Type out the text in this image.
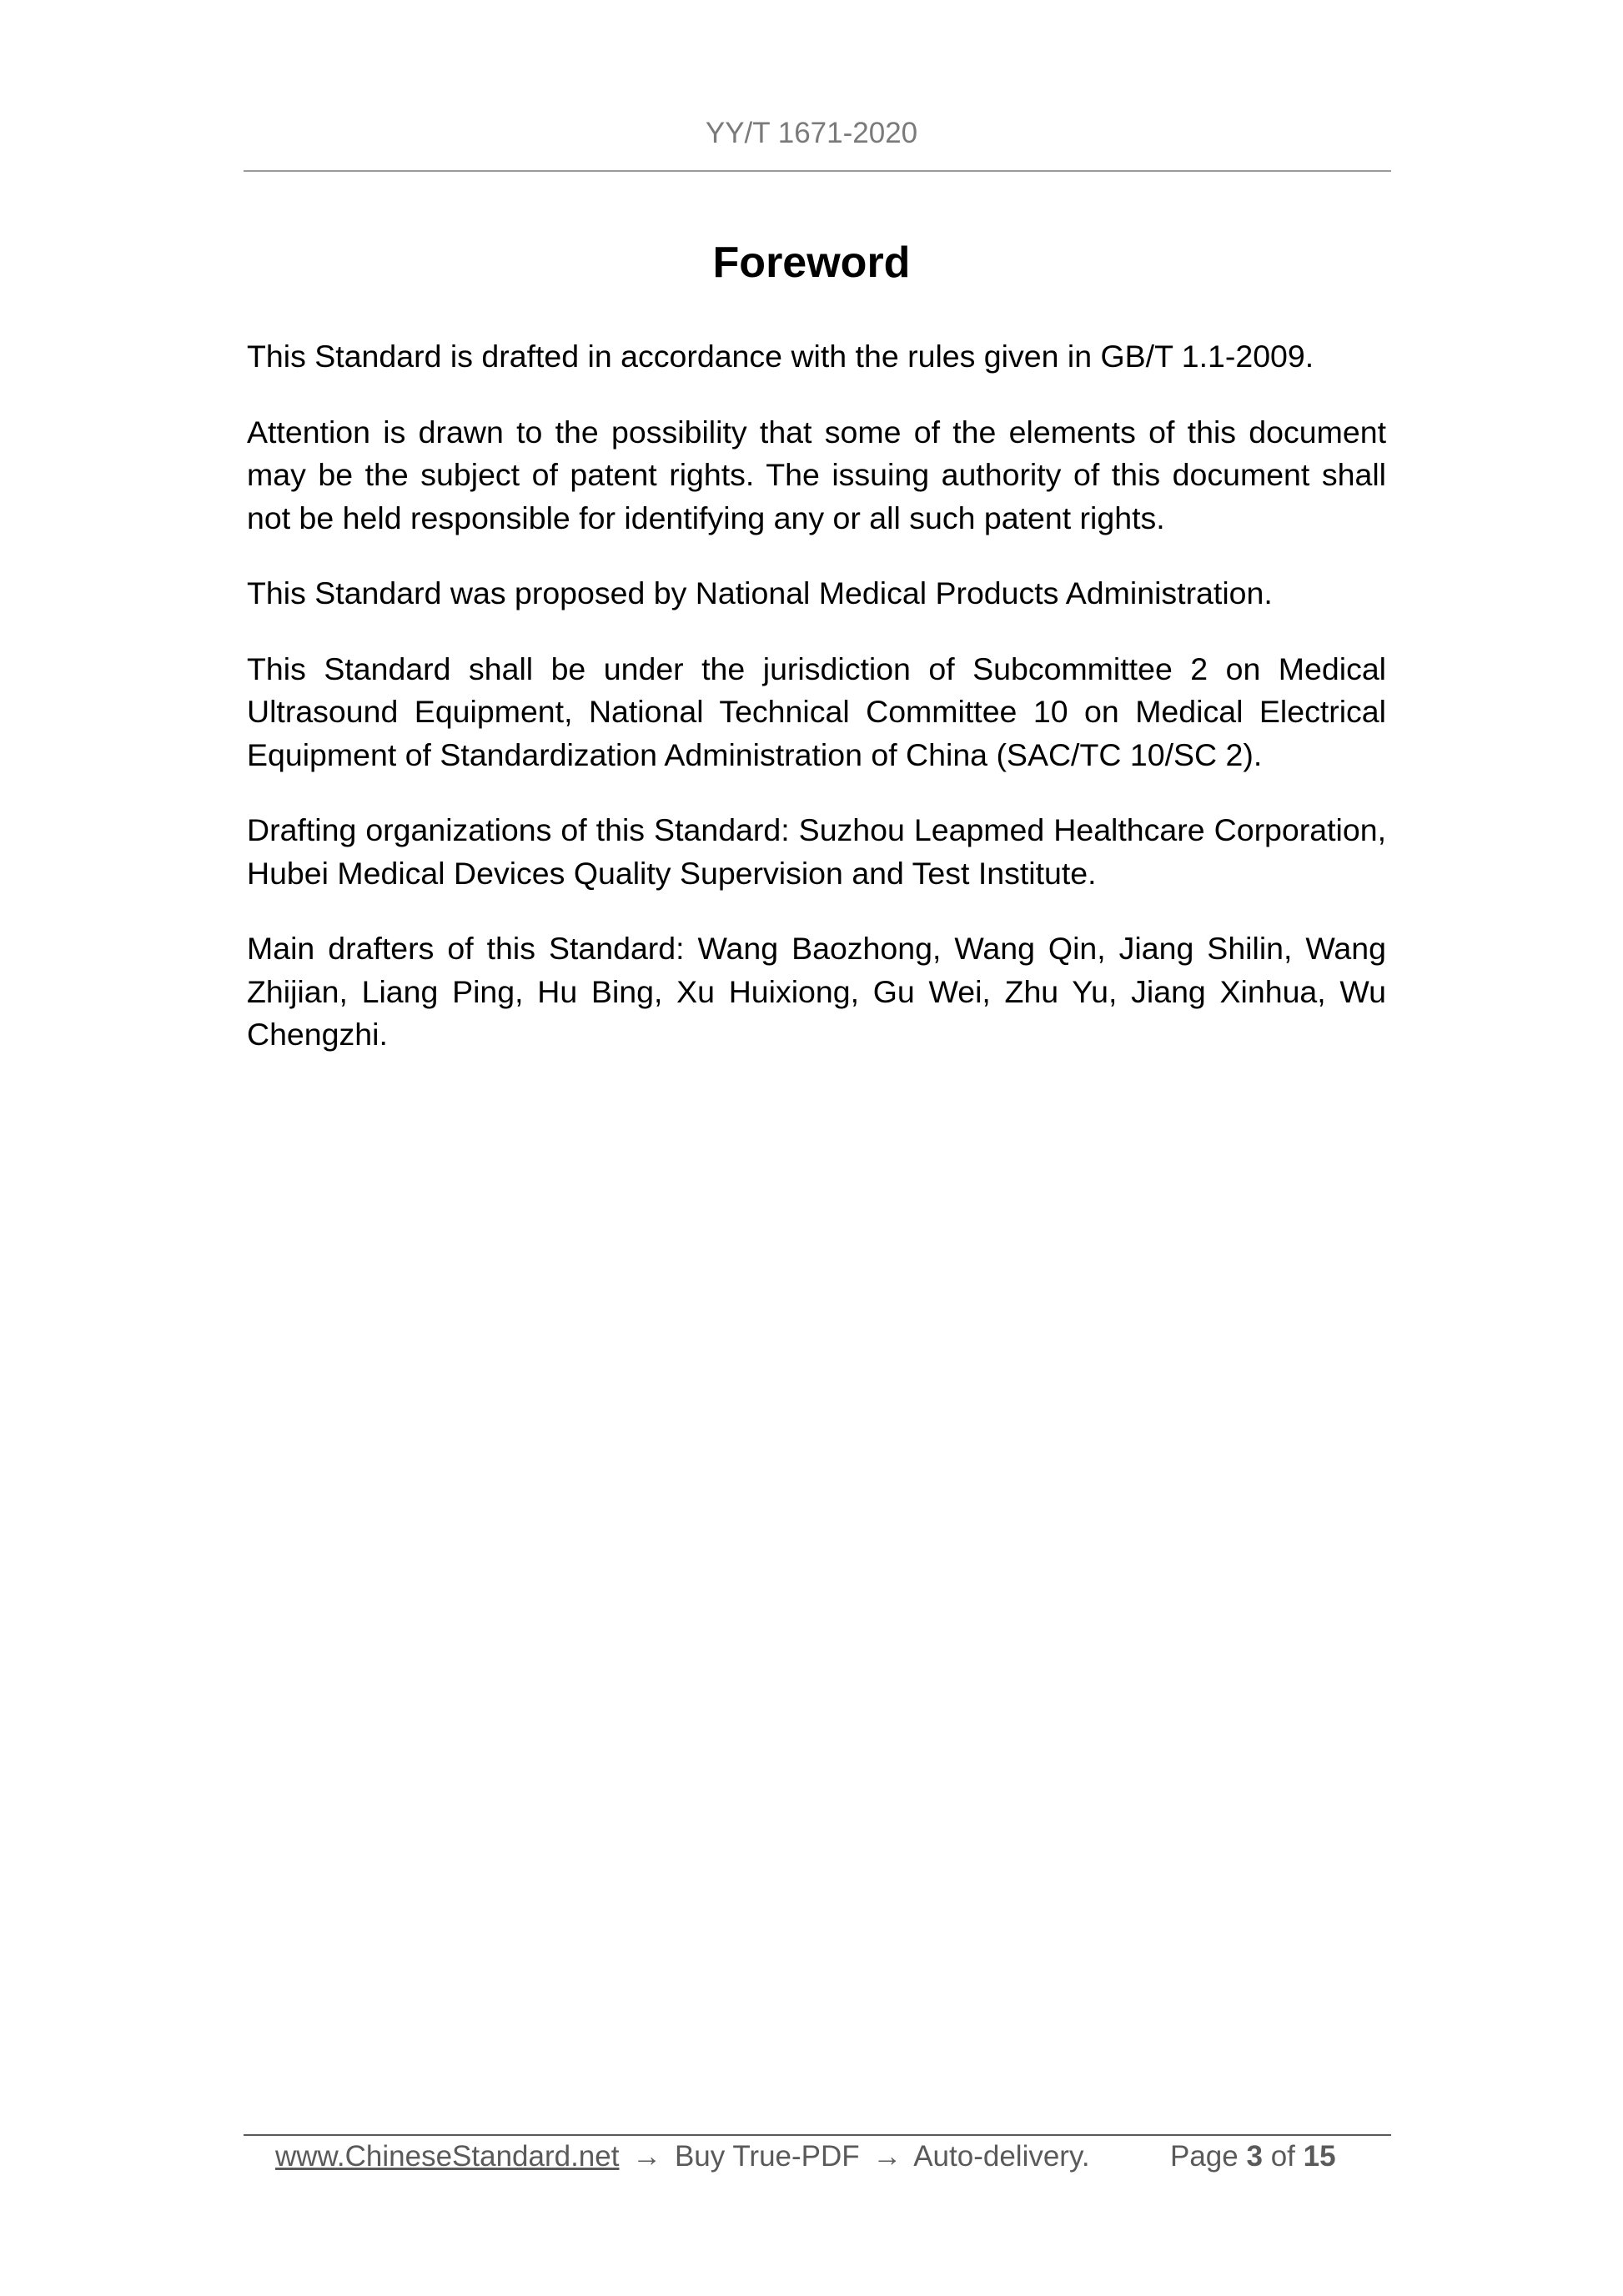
YY/T 1671-2020
Foreword

This Standard is drafted in accordance with the rules given in GB/T 1.1-2009.

Attention is drawn to the possibility that some of the elements of this document may be the subject of patent rights. The issuing authority of this document shall not be held responsible for identifying any or all such patent rights.

This Standard was proposed by National Medical Products Administration.

This Standard shall be under the jurisdiction of Subcommittee 2 on Medical Ultrasound Equipment, National Technical Committee 10 on Medical Electrical Equipment of Standardization Administration of China (SAC/TC 10/SC 2).

Drafting organizations of this Standard: Suzhou Leapmed Healthcare Corporation, Hubei Medical Devices Quality Supervision and Test Institute.

Main drafters of this Standard: Wang Baozhong, Wang Qin, Jiang Shilin, Wang Zhijian, Liang Ping, Hu Bing, Xu Huixiong, Gu Wei, Zhu Yu, Jiang Xinhua, Wu Chengzhi.

www.ChineseStandard.net → Buy True-PDF → Auto-delivery.	Page 3 of 15
